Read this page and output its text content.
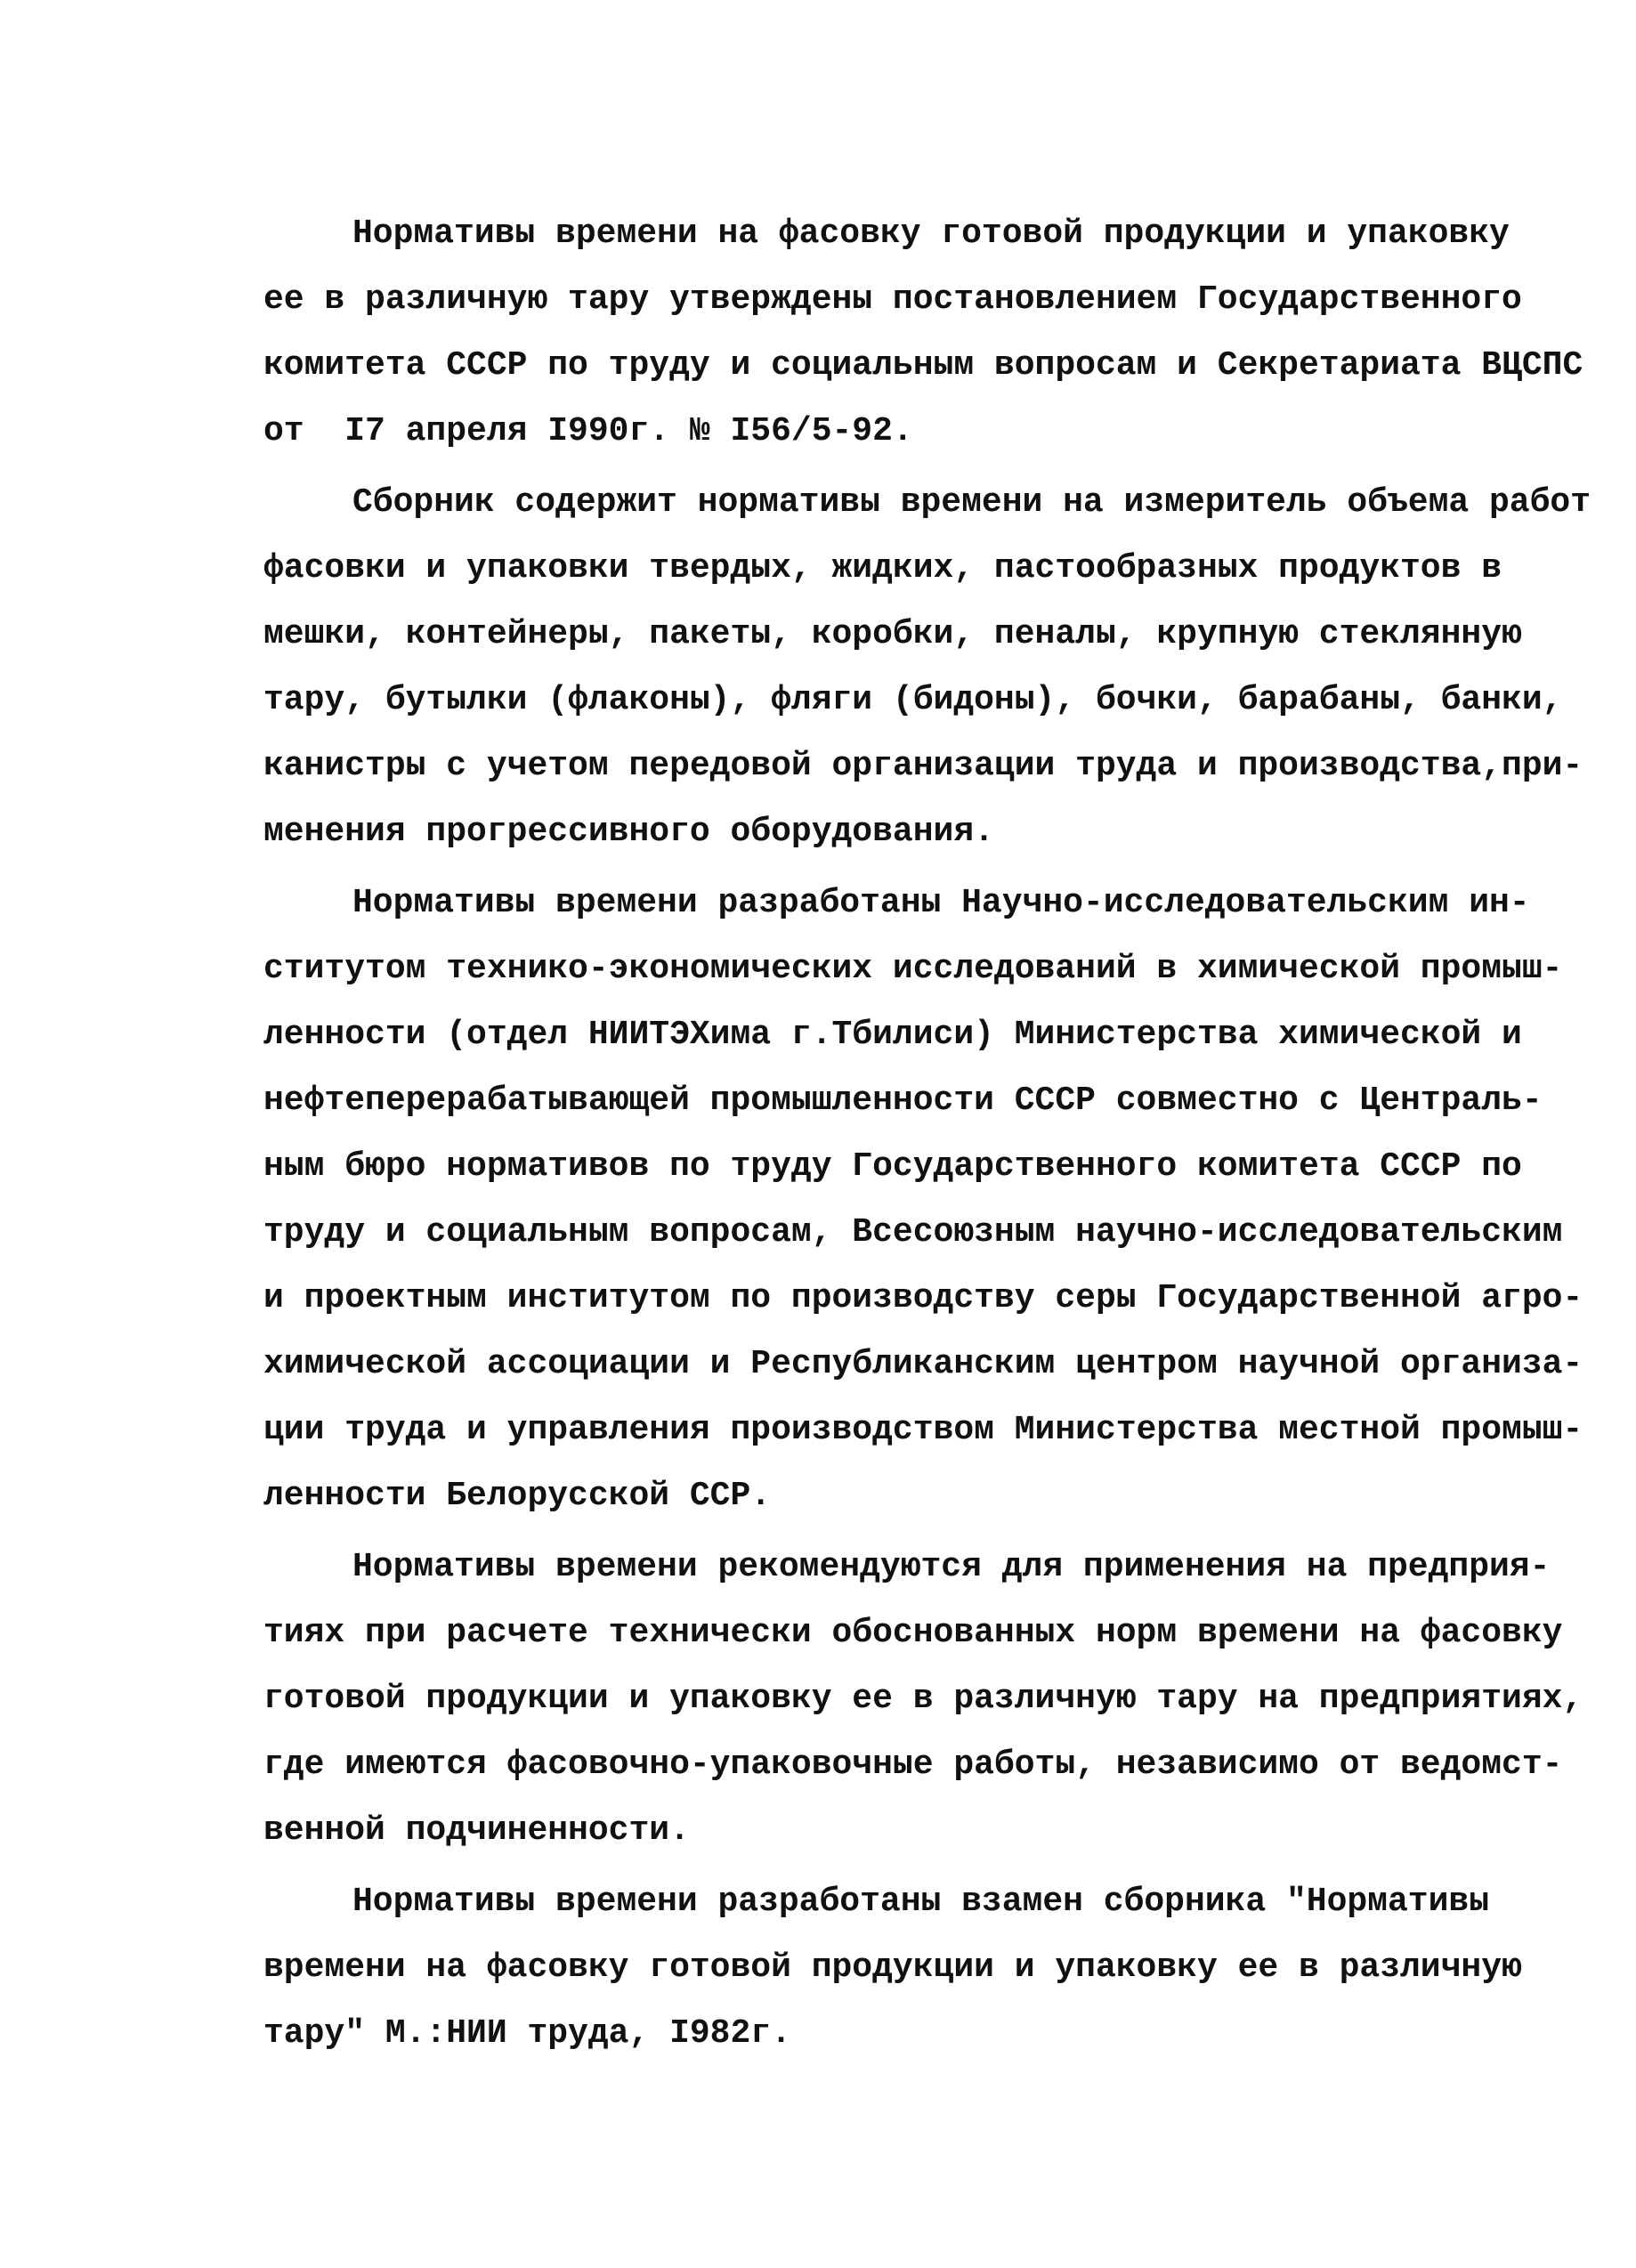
Нормативы времени на фасовку готовой продукции и упаковку
ее в различную тару утверждены постановлением Государственного
комитета СССР по труду и социальным вопросам и Секретариата ВЦСПС
от  I7 апреля I990г. № I56/5-92.
Сборник содержит нормативы времени на измеритель объема работ
фасовки и упаковки твердых, жидких, пастообразных продуктов в
мешки, контейнеры, пакеты, коробки, пеналы, крупную стеклянную
тару, бутылки (флаконы), фляги (бидоны), бочки, барабаны, банки,
канистры с учетом передовой организации труда и производства,при-
менения прогрессивного оборудования.
Нормативы времени разработаны Научно-исследовательским ин-
ститутом технико-экономических исследований в химической промыш-
ленности (отдел НИИТЭХима г.Тбилиси) Министерства химической и
нефтеперерабатывающей промышленности СССР совместно с Централь-
ным бюро нормативов по труду Государственного комитета СССР по
труду и социальным вопросам, Всесоюзным научно-исследовательским
и проектным институтом по производству серы Государственной агро-
химической ассоциации и Республиканским центром научной организа-
ции труда и управления производством Министерства местной промыш-
ленности Белорусской ССР.
Нормативы времени рекомендуются для применения на предприя-
тиях при расчете технически обоснованных норм времени на фасовку
готовой продукции и упаковку ее в различную тару на предприятиях,
где имеются фасовочно-упаковочные работы, независимо от ведомст-
венной подчиненности.
Нормативы времени разработаны взамен сборника "Нормативы
времени на фасовку готовой продукции и упаковку ее в различную
тару" М.:НИИ труда, I982г.
